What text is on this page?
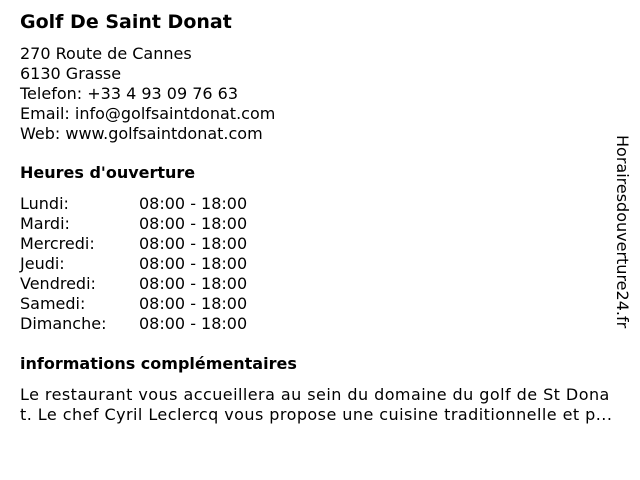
Golf De Saint Donat
270 Route de Cannes
6130 Grasse
Telefon: +33 4 93 09 76 63
Email: info@golfsaintdonat.com
Web: www.golfsaintdonat.com
Heures d'ouverture
Lundi:	08:00 - 18:00
Mardi:	08:00 - 18:00
Mercredi:	08:00 - 18:00
Jeudi:	08:00 - 18:00
Vendredi:	08:00 - 18:00
Samedi:	08:00 - 18:00
Dimanche:	08:00 - 18:00
informations complémentaires
Le restaurant vous accueillera au sein du domaine du golf de St Dona
t. Le chef Cyril Leclercq vous propose une cuisine traditionnelle et p...
Horairesdouverture24.fr
